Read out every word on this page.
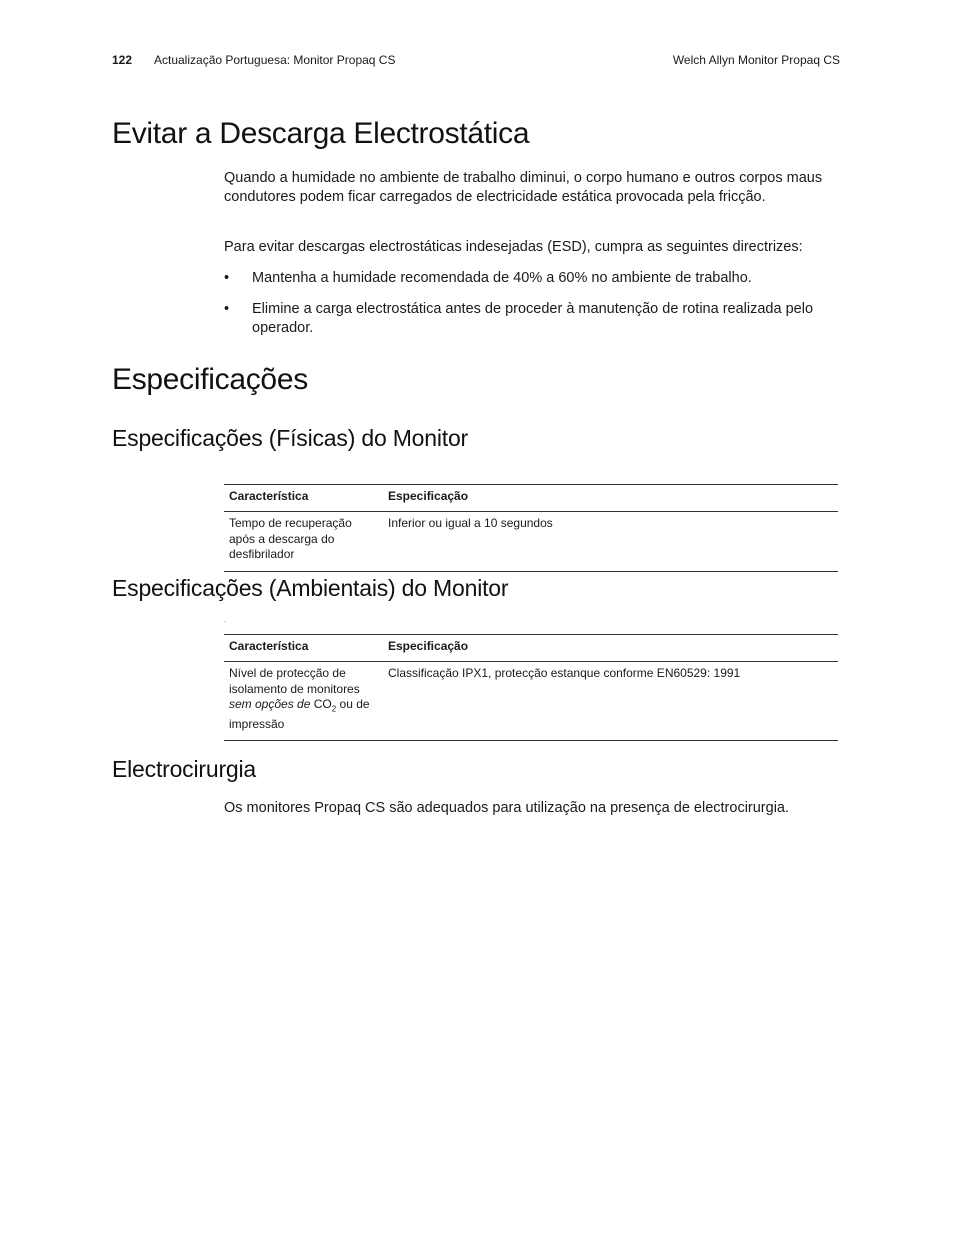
122 Actualização Portuguesa: Monitor Propaq CS	Welch Allyn Monitor Propaq CS
Evitar a Descarga Electrostática

Quando a humidade no ambiente de trabalho diminui, o corpo humano e outros corpos maus condutores podem ficar carregados de electricidade estática provocada pela fricção.

Para evitar descargas electrostáticas indesejadas (ESD), cumpra as seguintes directrizes:

• Mantenha a humidade recomendada de 40% a 60% no ambiente de trabalho.
• Elimine a carga electrostática antes de proceder à manutenção de rotina realizada pelo operador.
Especificações
Especificações (Físicas) do Monitor
Característica	Especificação
Tempo de recuperação após a descarga do desfibrilador	Inferior ou igual a 10 segundos
Especificações (Ambientais) do Monitor
.
Característica	Especificação
Nível de protecção de isolamento de monitores sem opções de $CO_2$ ou de impressão	Classificação IPX1, protecção estanque conforme EN60529: 1991
Electrocirurgia

Os monitores Propaq CS são adequados para utilização na presença de electrocirurgia.
